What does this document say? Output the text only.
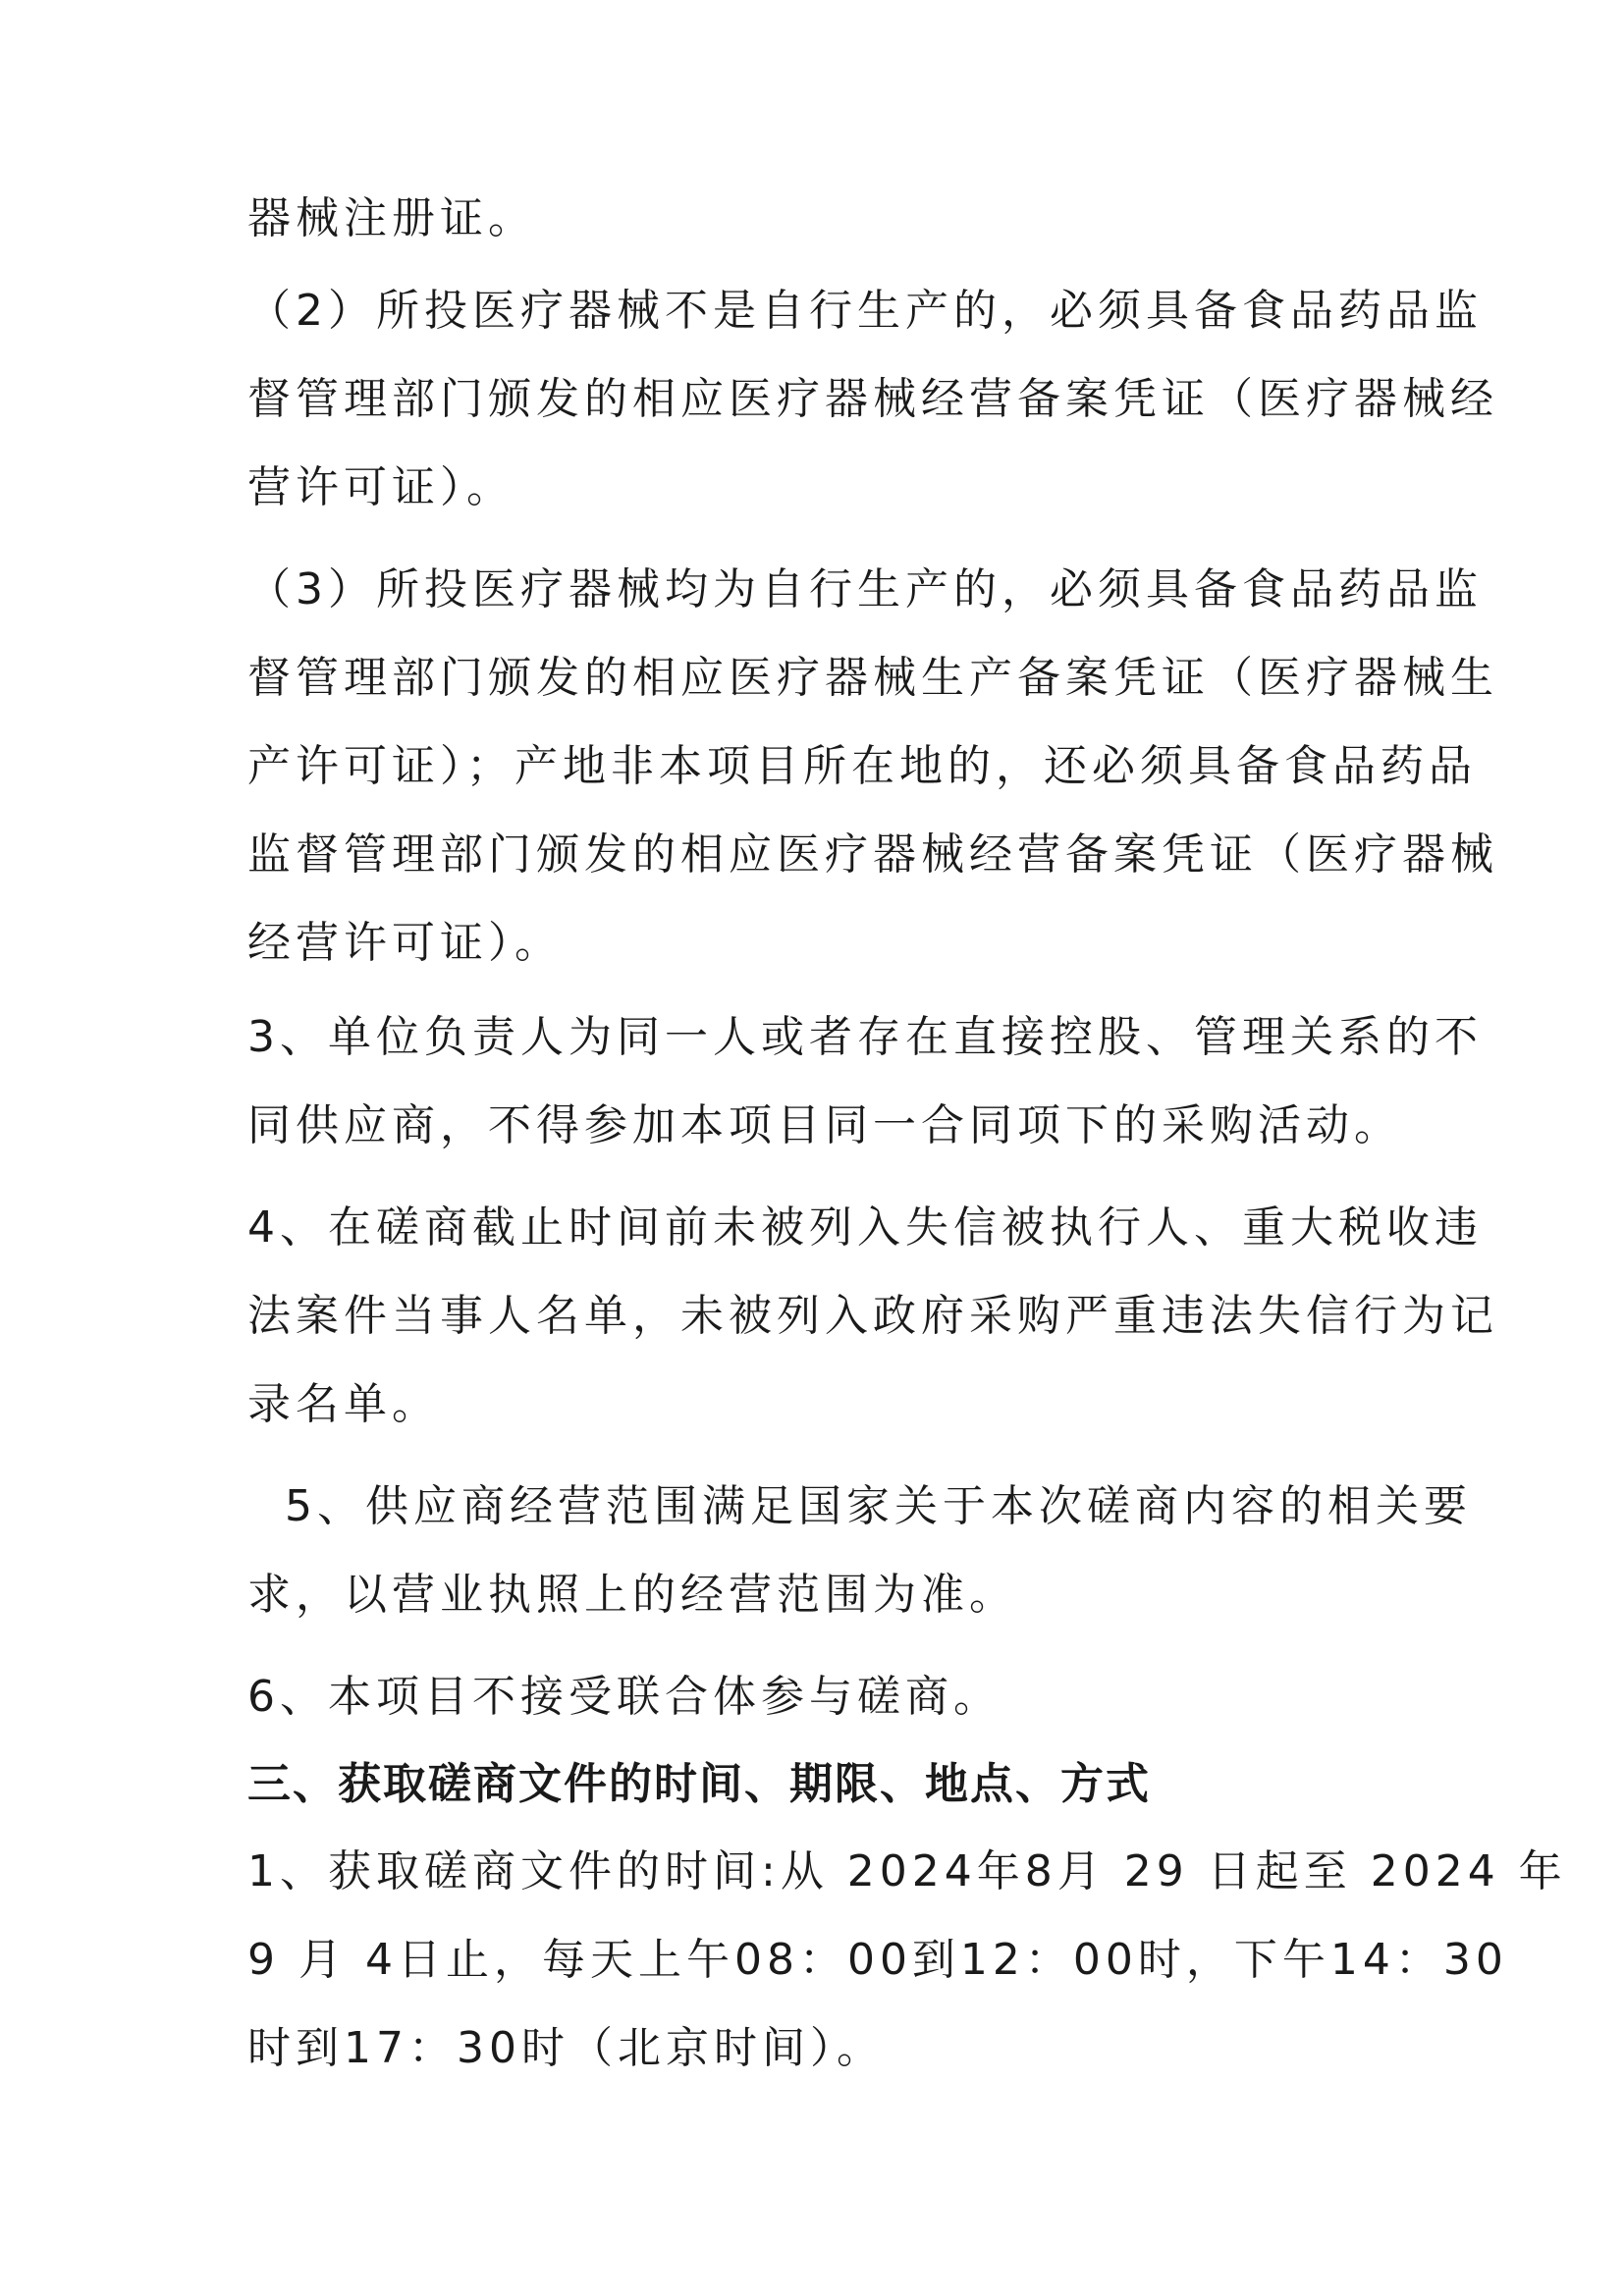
器械注册证。

（2）所投医疗器械不是自行生产的，必须具备食品药品监
督管理部门颁发的相应医疗器械经营备案凭证（医疗器械经
营许可证）。

（3）所投医疗器械均为自行生产的，必须具备食品药品监
督管理部门颁发的相应医疗器械生产备案凭证（医疗器械生
产许可证）；产地非本项目所在地的，还必须具备食品药品
监督管理部门颁发的相应医疗器械经营备案凭证（医疗器械
经营许可证）。

3、单位负责人为同一人或者存在直接控股、管理关系的不
同供应商，不得参加本项目同一合同项下的采购活动。

4、在磋商截止时间前未被列入失信被执行人、重大税收违
法案件当事人名单，未被列入政府采购严重违法失信行为记
录名单。

5、供应商经营范围满足国家关于本次磋商内容的相关要
求，以营业执照上的经营范围为准。

6、本项目不接受联合体参与磋商。

三、获取磋商文件的时间、期限、地点、方式

1、获取磋商文件的时间:从 2024年8月 29 日起至 2024 年
9 月 4日止，每天上午08：00到12：00时，下午14：30
时到17：30时（北京时间）。
